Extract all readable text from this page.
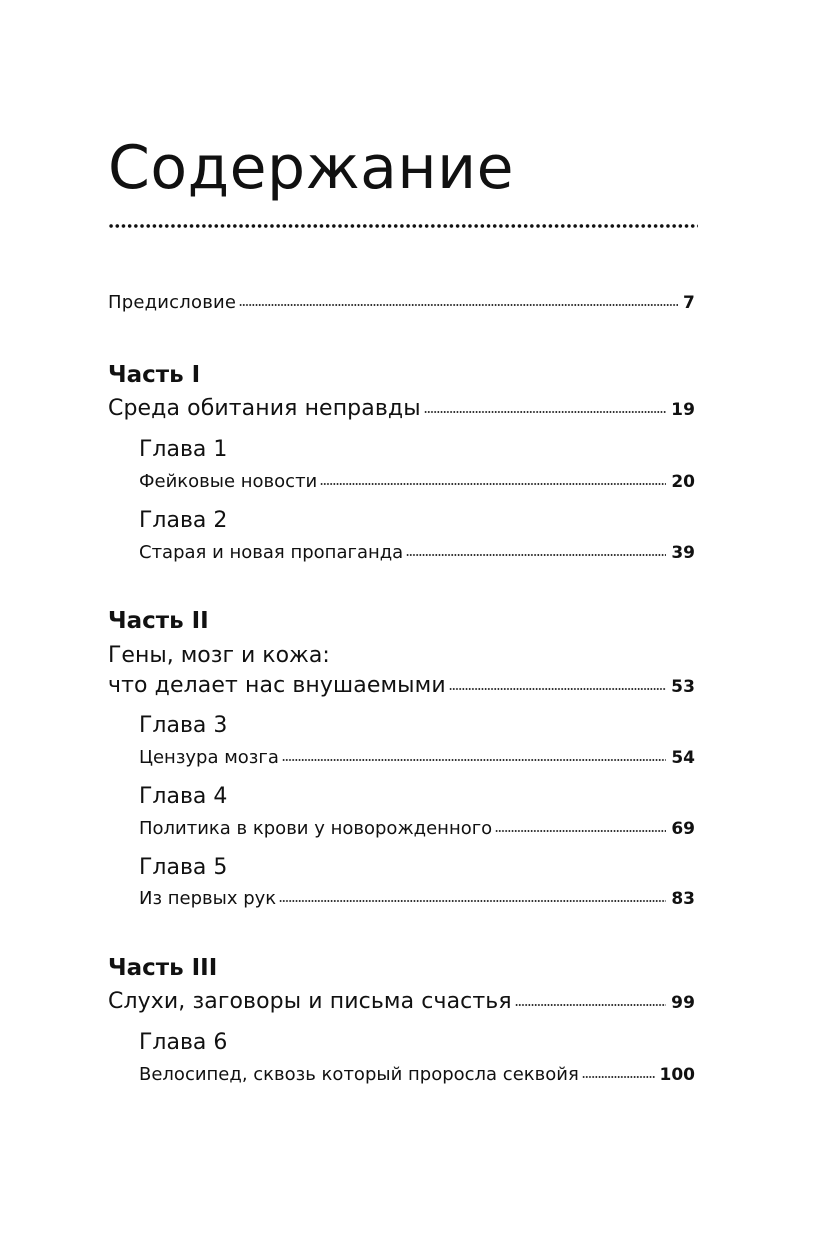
Содержание
Предисловие	7
Часть I
Среда обитания неправды	19
Глава 1
Фейковые новости	20
Глава 2
Старая и новая пропаганда	39
Часть II
Гены, мозг и кожа:
что делает нас внушаемыми	53
Глава 3
Цензура мозга	54
Глава 4
Политика в крови у новорожденного	69
Глава 5
Из первых рук	83
Часть III
Слухи, заговоры и письма счастья	99
Глава 6
Велосипед, сквозь который проросла секвойя	100
